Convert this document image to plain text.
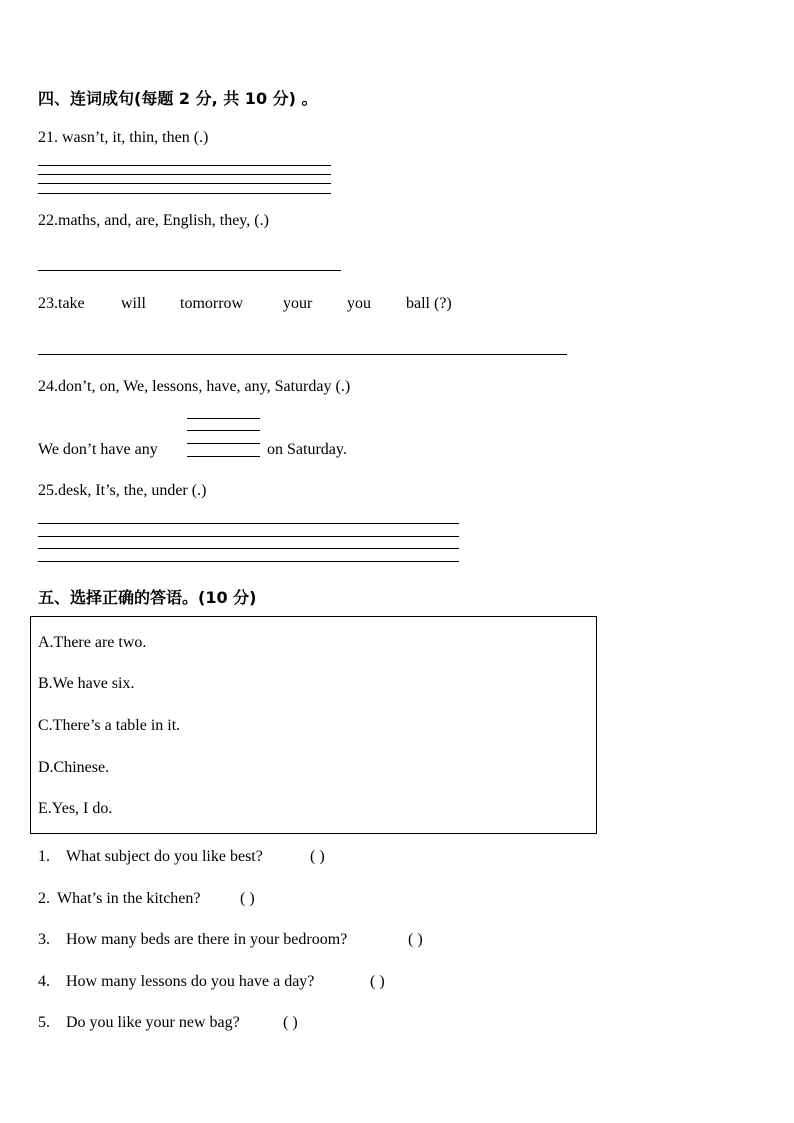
四、连词成句(每题 2 分, 共 10 分) 。
21. wasn’t, it, thin, then (.)
22.maths, and, are, English, they, (.)
23.take will tomorrow your you ball (?)
24.don’t, on, We, lessons, have, any, Saturday (.)
We don’t have any	on Saturday.
25.desk, It’s, the, under (.)
五、选择正确的答语。(10 分)
A.There are two.
B.We have six.
C.There’s a table in it.
D.Chinese.
E.Yes, I do.
1. What subject do you like best?	( )
2. What’s in the kitchen? ( )
3. How many beds are there in your bedroom?	( )
4. How many lessons do you have a day?	( )
5. Do you like your new bag?	( )
